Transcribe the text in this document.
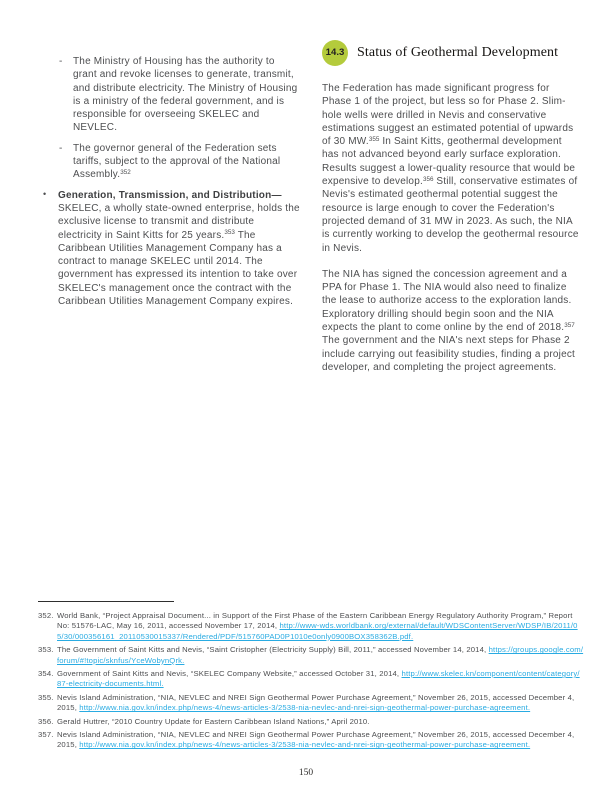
- The Ministry of Housing has the authority to grant and revoke licenses to generate, transmit, and distribute electricity. The Ministry of Housing is a ministry of the federal government, and is responsible for overseeing SKELEC and NEVLEC.
- The governor general of the Federation sets tariffs, subject to the approval of the National Assembly.$^{352}$
• Generation, Transmission, and Distribution—SKELEC, a wholly state-owned enterprise, holds the exclusive license to transmit and distribute electricity in Saint Kitts for 25 years.$^{353}$ The Caribbean Utilities Management Company has a contract to manage SKELEC until 2014. The government has expressed its intention to take over SKELEC's management once the contract with the Caribbean Utilities Management Company expires.
14.3 Status of Geothermal Development

The Federation has made significant progress for Phase 1 of the project, but less so for Phase 2. Slim-hole wells were drilled in Nevis and conservative estimations suggest an estimated potential of upwards of 30 MW.$^{355}$ In Saint Kitts, geothermal development has not advanced beyond early surface exploration. Results suggest a lower-quality resource that would be expensive to develop.$^{356}$ Still, conservative estimates of Nevis's estimated geothermal potential suggest the resource is large enough to cover the Federation's projected demand of 31 MW in 2023. As such, the NIA is currently working to develop the geothermal resource in Nevis.

The NIA has signed the concession agreement and a PPA for Phase 1. The NIA would also need to finalize the lease to authorize access to the exploration lands. Exploratory drilling should begin soon and the NIA expects the plant to come online by the end of 2018.$^{357}$ The government and the NIA's next steps for Phase 2 include carrying out feasibility studies, finding a project developer, and completing the project agreements.

352. World Bank, “Project Appraisal Document... in Support of the First Phase of the Eastern Caribbean Energy Regulatory Authority Program,” Report No: 51576-LAC, May 16, 2011, accessed November 17, 2014, http://www-wds.worldbank.org/external/default/WDSContentServer/WDSP/IB/2011/05/30/000356161_20110530015337/Rendered/PDF/515760PAD0P1010e0only0900BOX358362B.pdf.
353. The Government of Saint Kitts and Nevis, “Saint Cristopher (Electricity Supply) Bill, 2011,” accessed November 14, 2014, https://groups.google.com/forum/#!topic/sknfus/YceWobynQrk.
354. Government of Saint Kitts and Nevis, “SKELEC Company Website,” accessed October 31, 2014, http://www.skelec.kn/component/content/category/87-electricity-documents.html.
355. Nevis Island Administration, “NIA, NEVLEC and NREI Sign Geothermal Power Purchase Agreement,” November 26, 2015, accessed December 4, 2015, http://www.nia.gov.kn/index.php/news-4/news-articles-3/2538-nia-nevlec-and-nrei-sign-geothermal-power-purchase-agreement.
356. Gerald Huttrer, “2010 Country Update for Eastern Caribbean Island Nations,” April 2010.
357. Nevis Island Administration, “NIA, NEVLEC and NREI Sign Geothermal Power Purchase Agreement,” November 26, 2015, accessed December 4, 2015, http://www.nia.gov.kn/index.php/news-4/news-articles-3/2538-nia-nevlec-and-nrei-sign-geothermal-power-purchase-agreement.
150
